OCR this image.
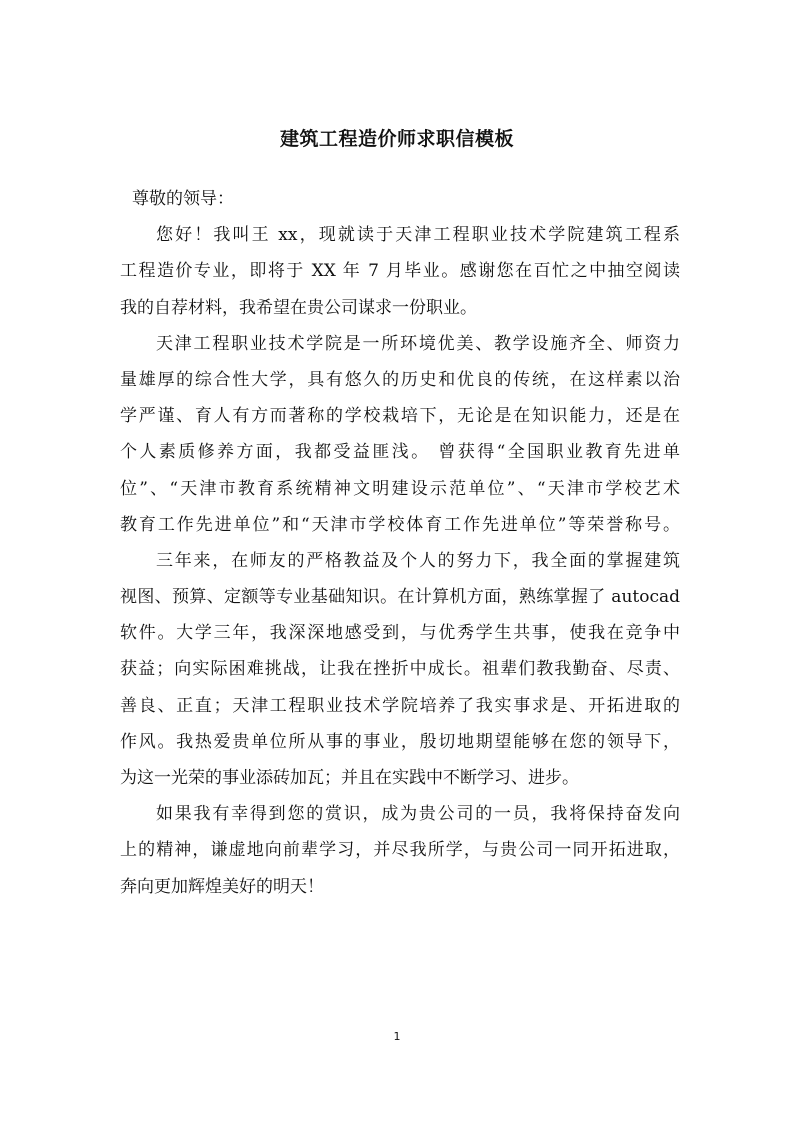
建筑工程造价师求职信模板
尊敬的领导：
您好！我叫王 xx，现就读于天津工程职业技术学院建筑工程系
工程造价专业，即将于 XX 年 7 月毕业。感谢您在百忙之中抽空阅读
我的自荐材料，我希望在贵公司谋求一份职业。
天津工程职业技术学院是一所环境优美、教学设施齐全、师资力
量雄厚的综合性大学，具有悠久的历史和优良的传统，在这样素以治
学严谨、育人有方而著称的学校栽培下，无论是在知识能力，还是在
个人素质修养方面，我都受益匪浅。 曾获得“全国职业教育先进单
位”、“天津市教育系统精神文明建设示范单位”、“天津市学校艺术
教育工作先进单位”和“天津市学校体育工作先进单位”等荣誉称号。
三年来，在师友的严格教益及个人的努力下，我全面的掌握建筑
视图、预算、定额等专业基础知识。在计算机方面，熟练掌握了 autocad
软件。大学三年，我深深地感受到，与优秀学生共事，使我在竞争中
获益；向实际困难挑战，让我在挫折中成长。祖辈们教我勤奋、尽责、
善良、正直；天津工程职业技术学院培养了我实事求是、开拓进取的
作风。我热爱贵单位所从事的事业，殷切地期望能够在您的领导下，
为这一光荣的事业添砖加瓦；并且在实践中不断学习、进步。
如果我有幸得到您的赏识，成为贵公司的一员，我将保持奋发向
上的精神，谦虚地向前辈学习，并尽我所学，与贵公司一同开拓进取，
奔向更加辉煌美好的明天！
1
